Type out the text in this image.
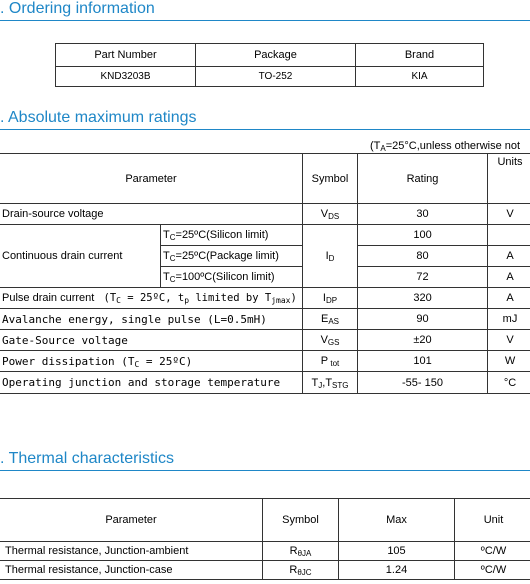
. Ordering information
Part Number	Package	Brand
KND3203B	TO-252	KIA
. Absolute maximum ratings
($T_A=25^\circ C,unless$ otherwise not
Parameter		Symbol	Rating	Units
Drain-source voltage		$V_{DS}$	30	V
Continuous drain current	$T_C=25ºC(Silicon$ limit)	$I_D$	100	
	$T_C=25ºC(Package$ limit)		80	A
	$T_C=100ºC(Silicon$ limit)		72	A
Pulse drain current ($T_C$ = 25ºC, $t_p$ limited by $T_{jmax}$)		$I_{DP}$	320	A
Avalanche energy, single pulse (L=0.5mH)		$E_{AS}$	90	mJ
Gate-Source voltage		$V_{GS}$	±20	V
Power dissipation ($T_C$ = 25ºC)		P $_{tot}$	101	W
Operating junction and storage temperature		$T_J,T_{STG}$	-55- 150	°C
. Thermal characteristics
Parameter	Symbol	Max	Unit
Thermal resistance, Junction-ambient	$R_{\theta JA}$	105	ºC/W
Thermal resistance, Junction-case	$R_{\theta JC}$	1.24	ºC/W
